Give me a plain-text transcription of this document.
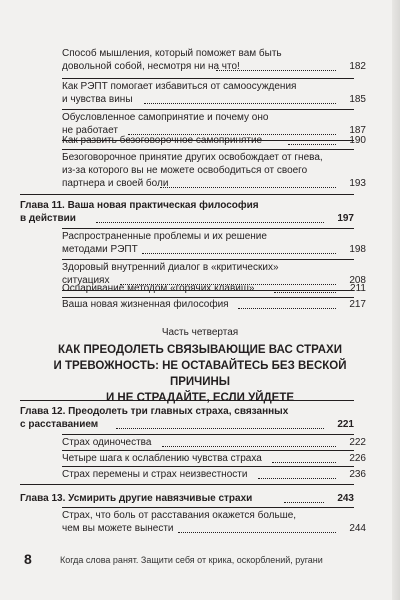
Способ мышления, который поможет вам быть
довольной собой, несмотря ни на что!	182
Как РЭПТ помогает избавиться от самоосуждения
и чувства вины	185
Обусловленное самопринятие и почему оно
не работает	187
Как развить безоговорочное самопринятие	190
Безоговорочное принятие других освобождает от гнева,
из-за которого вы не можете освободиться от своего
партнера и своей боли	193
Глава 11. Ваша новая практическая философия
в действии	197
Распространенные проблемы и их решение
методами РЭПТ	198
Здоровый внутренний диалог в «критических»
ситуациях	208
Оспаривание методом «горячих клавиш»	211
Ваша новая жизненная философия	217
Глава 12. Преодолеть три главных страха, связанных
с расставанием	221
Страх одиночества	222
Четыре шага к ослаблению чувства страха	226
Страх перемены и страх неизвестности	236
Глава 13. Усмирить другие навязчивые страхи	243
Страх, что боль от расставания окажется больше,
чем вы можете вынести	244
Часть четвертая
КАК ПРЕОДОЛЕТЬ СВЯЗЫВАЮЩИЕ ВАС СТРАХИ
И ТРЕВОЖНОСТЬ: НЕ ОСТАВАЙТЕСЬ БЕЗ ВЕСКОЙ ПРИЧИНЫ
И НЕ СТРАДАЙТЕ, ЕСЛИ УЙДЕТЕ
8	Когда слова ранят. Защити себя от крика, оскорблений, ругани
